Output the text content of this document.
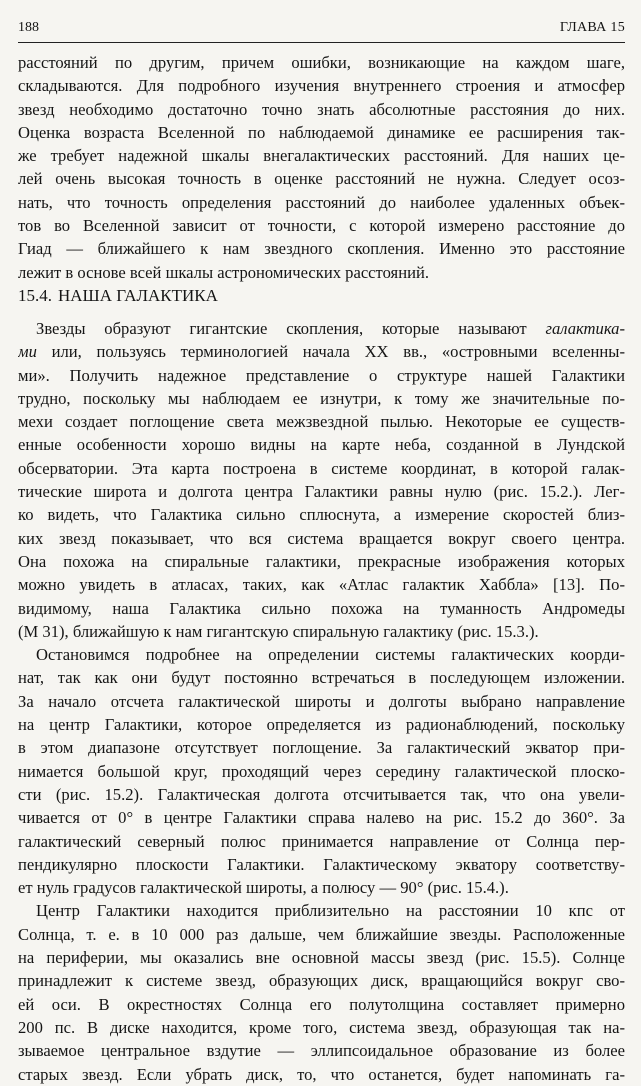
188	ГЛАВА 15
расстояний по другим, причем ошибки, возникающие на каждом шаге,
складываются. Для подробного изучения внутреннего строения и атмосфер
звезд необходимо достаточно точно знать абсолютные расстояния до них.
Оценка возраста Вселенной по наблюдаемой динамике ее расширения так-
же требует надежной шкалы внегалактических расстояний. Для наших це-
лей очень высокая точность в оценке расстояний не нужна. Следует осоз-
нать, что точность определения расстояний до наиболее удаленных объек-
тов во Вселенной зависит от точности, с которой измерено расстояние до
Гиад — ближайшего к нам звездного скопления. Именно это расстояние
лежит в основе всей шкалы астрономических расстояний.
15.4. НАША ГАЛАКТИКА
Звезды образуют гигантские скопления, которые называют галактика-
ми или, пользуясь терминологией начала XX вв., «островными вселенны-
ми». Получить надежное представление о структуре нашей Галактики
трудно, поскольку мы наблюдаем ее изнутри, к тому же значительные по-
мехи создает поглощение света межзвездной пылью. Некоторые ее существ-
енные особенности хорошо видны на карте неба, созданной в Лундской
обсерватории. Эта карта построена в системе координат, в которой галак-
тические широта и долгота центра Галактики равны нулю (рис. 15.2.). Лег-
ко видеть, что Галактика сильно сплюснута, а измерение скоростей близ-
ких звезд показывает, что вся система вращается вокруг своего центра.
Она похожа на спиральные галактики, прекрасные изображения которых
можно увидеть в атласах, таких, как «Атлас галактик Хаббла» [13]. По-
видимому, наша Галактика сильно похожа на туманность Андромеды
(М 31), ближайшую к нам гигантскую спиральную галактику (рис. 15.3.).
Остановимся подробнее на определении системы галактических коорди-
нат, так как они будут постоянно встречаться в последующем изложении.
За начало отсчета галактической широты и долготы выбрано направление
на центр Галактики, которое определяется из радионаблюдений, поскольку
в этом диапазоне отсутствует поглощение. За галактический экватор при-
нимается большой круг, проходящий через середину галактической плоско-
сти (рис. 15.2). Галактическая долгота отсчитывается так, что она увели-
чивается от 0° в центре Галактики справа налево на рис. 15.2 до 360°. За
галактический северный полюс принимается направление от Солнца пер-
пендикулярно плоскости Галактики. Галактическому экватору соответству-
ет нуль градусов галактической широты, а полюсу — 90° (рис. 15.4.).
Центр Галактики находится приблизительно на расстоянии 10 кпс от
Солнца, т. е. в 10 000 раз дальше, чем ближайшие звезды. Расположенные
на периферии, мы оказались вне основной массы звезд (рис. 15.5). Солнце
принадлежит к системе звезд, образующих диск, вращающийся вокруг сво-
ей оси. В окрестностях Солнца его полутолщина составляет примерно
200 пс. В диске находится, кроме того, система звезд, образующая так на-
зываемое центральное вздутие — эллипсоидальное образование из более
старых звезд. Если убрать диск, то, что останется, будет напоминать га-
